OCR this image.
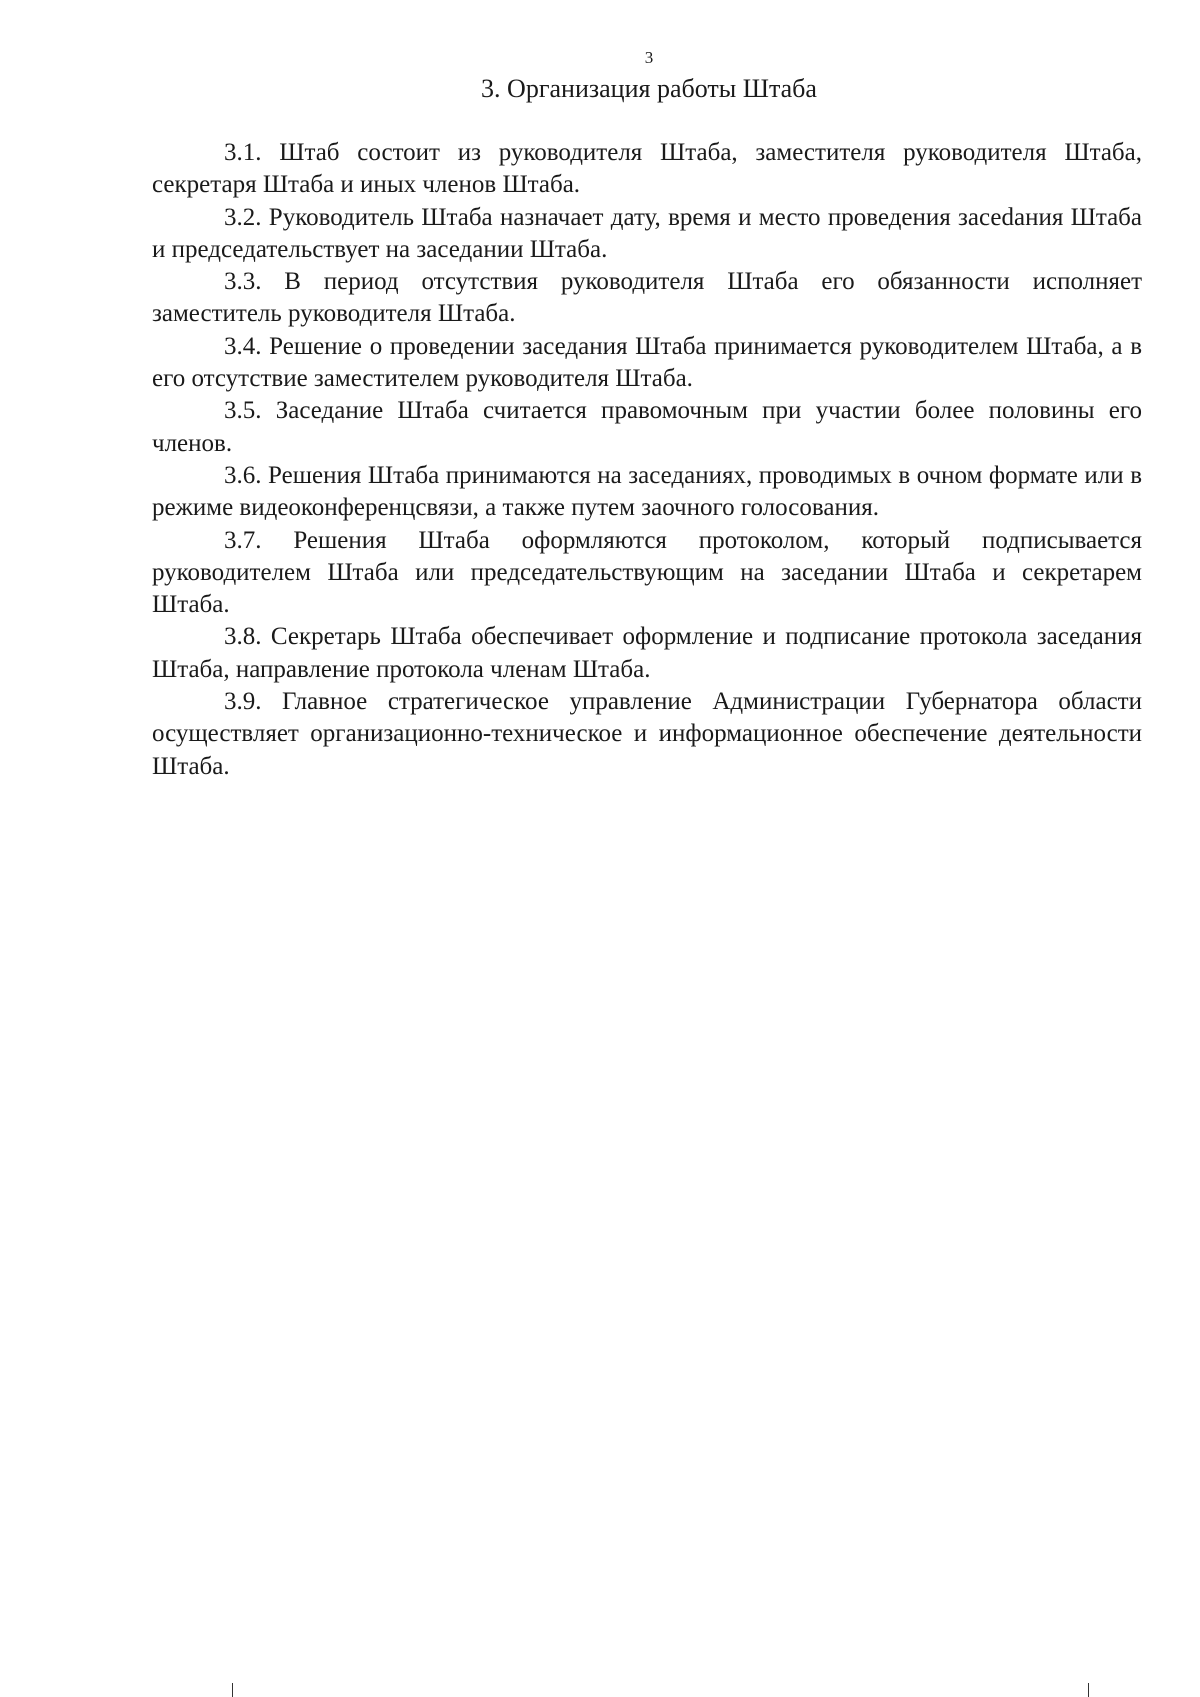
3
3. Организация работы Штаба

3.1. Штаб состоит из руководителя Штаба, заместителя руководителя Штаба, секретаря Штаба и иных членов Штаба.

3.2. Руководитель Штаба назначает дату, время и место проведения засеdания Штаба и председательствует на заседании Штаба.

3.3. В период отсутствия руководителя Штаба его обязанности исполняет заместитель руководителя Штаба.

3.4. Решение о проведении заседания Штаба принимается руководителем Штаба, а в его отсутствие заместителем руководителя Штаба.

3.5. Заседание Штаба считается правомочным при участии более половины его членов.

3.6. Решения Штаба принимаются на заседаниях, проводимых в очном формате или в режиме видеоконференцсвязи, а также путем заочного голосования.

3.7. Решения Штаба оформляются протоколом, который подписывается руководителем Штаба или председательствующим на заседании Штаба и секретарем Штаба.

3.8. Секретарь Штаба обеспечивает оформление и подписание протокола заседания Штаба, направление протокола членам Штаба.

3.9. Главное стратегическое управление Администрации Губернатора области осуществляет организационно-техническое и информационное обеспечение деятельности Штаба.
